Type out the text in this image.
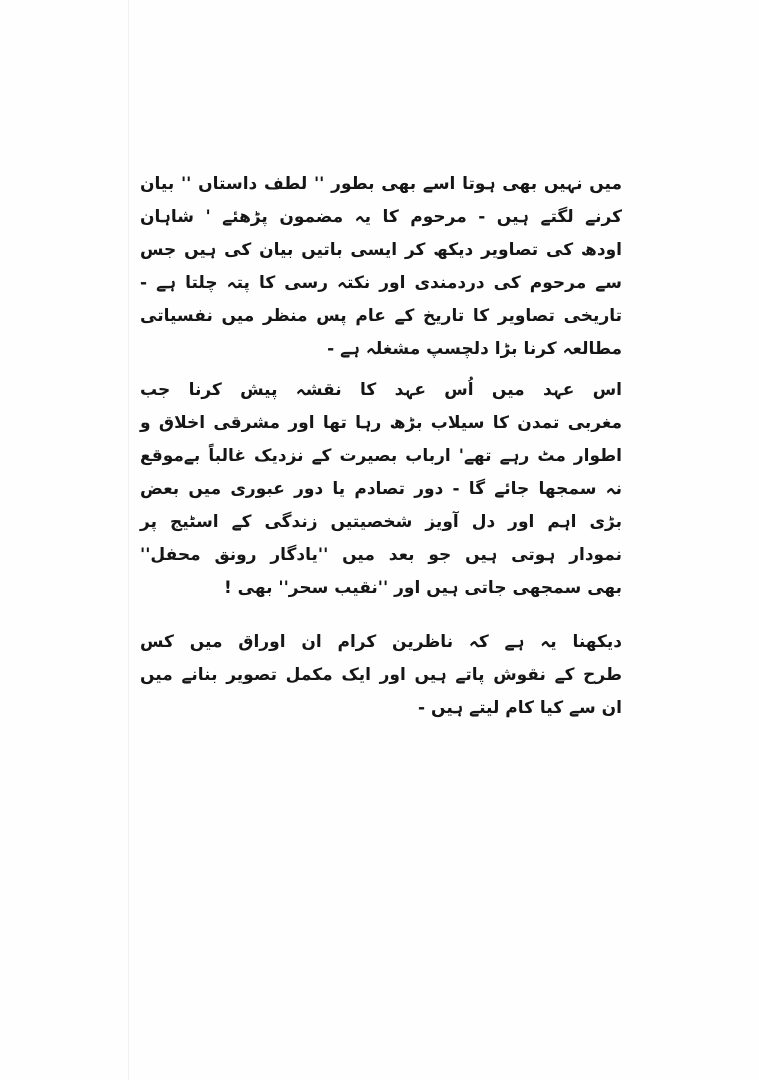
میں نہیں بھی ہوتا اسے بھی بطور '' لطف داستاں '' بیان
کرنے لگتے ہیں - مرحوم کا یہ مضمون پڑھئے ' شاہان
اودھ کی تصاویر دیکھ کر ایسی باتیں بیان کی ہیں جس
سے مرحوم کی دردمندی اور نکتہ رسی کا پتہ چلتا ہے -
تاریخی تصاویر کا تاریخ کے عام پس منظر میں نفسیاتی
مطالعہ کرنا بڑا دلچسپ مشغلہ ہے -
اس عہد میں اُس عہد کا نقشہ پیش کرنا جب
مغربی تمدن کا سیلاب بڑھ رہا تھا اور مشرقی اخلاق و
اطوار مٹ رہے تھے' ارباب بصیرت کے نزدیک غالباً بےموقع
نہ سمجھا جائے گا - دور تصادم یا دور عبوری میں بعض
بڑی اہم اور دل آویز شخصیتیں زندگی کے اسٹیج پر
نمودار ہوتی ہیں جو بعد میں ''یادگار رونق محفل''
بھی سمجھی جاتی ہیں اور ''نقیب سحر'' بھی !
دیکھنا یہ ہے کہ ناظرین کرام ان اوراق میں کس
طرح کے نقوش پاتے ہیں اور ایک مکمل تصویر بنانے میں
ان سے کیا کام لیتے ہیں -
